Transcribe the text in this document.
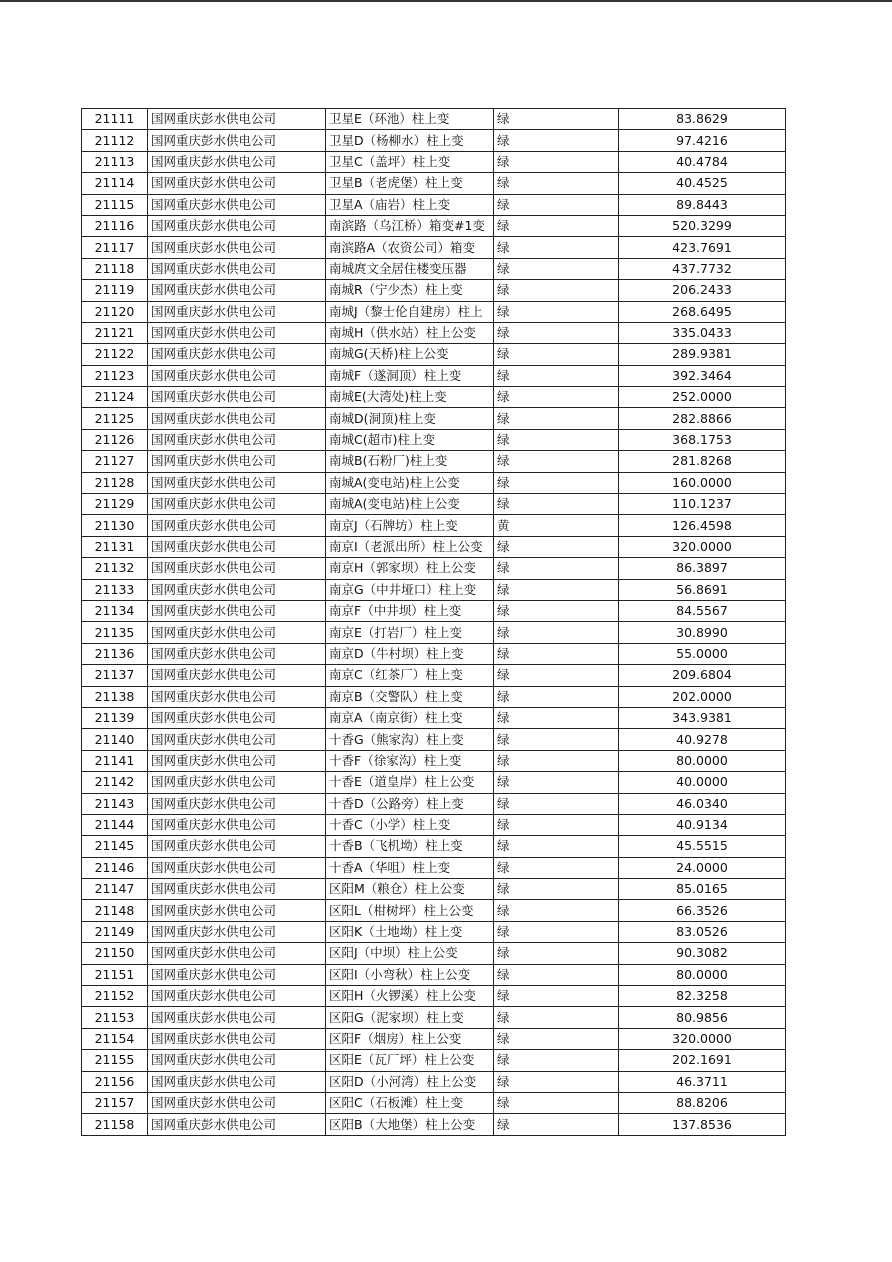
21111	国网重庆彭水供电公司	卫星E（环池）柱上变	绿	83.8629
21112	国网重庆彭水供电公司	卫星D（杨柳水）柱上变	绿	97.4216
21113	国网重庆彭水供电公司	卫星C（盖坪）柱上变	绿	40.4784
21114	国网重庆彭水供电公司	卫星B（老虎堡）柱上变	绿	40.4525
21115	国网重庆彭水供电公司	卫星A（庙岩）柱上变	绿	89.8443
21116	国网重庆彭水供电公司	南滨路（乌江桥）箱变#1变	绿	520.3299
21117	国网重庆彭水供电公司	南滨路A（农资公司）箱变	绿	423.7691
21118	国网重庆彭水供电公司	南城庹文全居住楼变压器	绿	437.7732
21119	国网重庆彭水供电公司	南城R（宁少杰）柱上变	绿	206.2433
21120	国网重庆彭水供电公司	南城J（黎士伦自建房）柱上	绿	268.6495
21121	国网重庆彭水供电公司	南城H（供水站）柱上公变	绿	335.0433
21122	国网重庆彭水供电公司	南城G(天桥)柱上公变	绿	289.9381
21123	国网重庆彭水供电公司	南城F（遂洞顶）柱上变	绿	392.3464
21124	国网重庆彭水供电公司	南城E(大湾处)柱上变	绿	252.0000
21125	国网重庆彭水供电公司	南城D(洞顶)柱上变	绿	282.8866
21126	国网重庆彭水供电公司	南城C(超市)柱上变	绿	368.1753
21127	国网重庆彭水供电公司	南城B(石粉厂)柱上变	绿	281.8268
21128	国网重庆彭水供电公司	南城A(变电站)柱上公变	绿	160.0000
21129	国网重庆彭水供电公司	南城A(变电站)柱上公变	绿	110.1237
21130	国网重庆彭水供电公司	南京J（石牌坊）柱上变	黄	126.4598
21131	国网重庆彭水供电公司	南京I（老派出所）柱上公变	绿	320.0000
21132	国网重庆彭水供电公司	南京H（郭家坝）柱上公变	绿	86.3897
21133	国网重庆彭水供电公司	南京G（中井垭口）柱上变	绿	56.8691
21134	国网重庆彭水供电公司	南京F（中井坝）柱上变	绿	84.5567
21135	国网重庆彭水供电公司	南京E（打岩厂）柱上变	绿	30.8990
21136	国网重庆彭水供电公司	南京D（牛村坝）柱上变	绿	55.0000
21137	国网重庆彭水供电公司	南京C（红茶厂）柱上变	绿	209.6804
21138	国网重庆彭水供电公司	南京B（交警队）柱上变	绿	202.0000
21139	国网重庆彭水供电公司	南京A（南京街）柱上变	绿	343.9381
21140	国网重庆彭水供电公司	十香G（熊家沟）柱上变	绿	40.9278
21141	国网重庆彭水供电公司	十香F（徐家沟）柱上变	绿	80.0000
21142	国网重庆彭水供电公司	十香E（道皇岸）柱上公变	绿	40.0000
21143	国网重庆彭水供电公司	十香D（公路旁）柱上变	绿	46.0340
21144	国网重庆彭水供电公司	十香C（小学）柱上变	绿	40.9134
21145	国网重庆彭水供电公司	十香B（飞机坳）柱上变	绿	45.5515
21146	国网重庆彭水供电公司	十香A（华咀）柱上变	绿	24.0000
21147	国网重庆彭水供电公司	区阳M（粮仓）柱上公变	绿	85.0165
21148	国网重庆彭水供电公司	区阳L（柑树坪）柱上公变	绿	66.3526
21149	国网重庆彭水供电公司	区阳K（土地坳）柱上变	绿	83.0526
21150	国网重庆彭水供电公司	区阳J（中坝）柱上公变	绿	90.3082
21151	国网重庆彭水供电公司	区阳I（小弯秋）柱上公变	绿	80.0000
21152	国网重庆彭水供电公司	区阳H（火锣溪）柱上公变	绿	82.3258
21153	国网重庆彭水供电公司	区阳G（泥家坝）柱上变	绿	80.9856
21154	国网重庆彭水供电公司	区阳F（烟房）柱上公变	绿	320.0000
21155	国网重庆彭水供电公司	区阳E（瓦厂坪）柱上公变	绿	202.1691
21156	国网重庆彭水供电公司	区阳D（小河湾）柱上公变	绿	46.3711
21157	国网重庆彭水供电公司	区阳C（石板滩）柱上变	绿	88.8206
21158	国网重庆彭水供电公司	区阳B（大地堡）柱上公变	绿	137.8536
